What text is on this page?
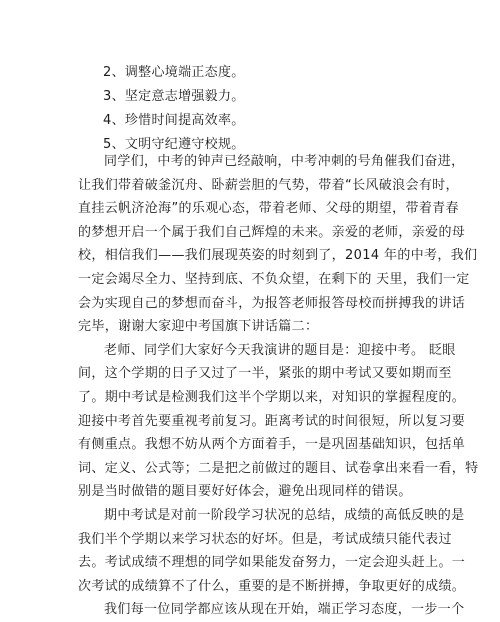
2、调整心境端正态度。
3、坚定意志增强毅力。
4、珍惜时间提高效率。
5、文明守纪遵守校规。
同学们，中考的钟声已经敲响，中考冲刺的号角催我们奋进，
让我们带着破釜沉舟、卧薪尝胆的气势，带着“长风破浪会有时，
直挂云帆济沧海”的乐观心态，带着老师、父母的期望，带着青春
的梦想开启一个属于我们自己辉煌的未来。亲爱的老师，亲爱的母
校，相信我们——我们展现英姿的时刻到了，2014 年的中考，我们
一定会竭尽全力、坚持到底、不负众望，在剩下的 天里，我们一定
会为实现自己的梦想而奋斗，为报答老师报答母校而拼搏我的讲话
完毕，谢谢大家迎中考国旗下讲话篇二：
老师、同学们大家好今天我演讲的题目是：迎接中考。 眨眼
间，这个学期的日子又过了一半，紧张的期中考试又要如期而至
了。期中考试是检测我们这半个学期以来，对知识的掌握程度的。
迎接中考首先要重视考前复习。距离考试的时间很短，所以复习要
有侧重点。我想不妨从两个方面着手，一是巩固基础知识，包括单
词、定义、公式等；二是把之前做过的题目、试卷拿出来看一看，特
别是当时做错的题目要好好体会，避免出现同样的错误。
期中考试是对前一阶段学习状况的总结，成绩的高低反映的是
我们半个学期以来学习状态的好坏。但是，考试成绩只能代表过
去。考试成绩不理想的同学如果能发奋努力，一定会迎头赶上。一
次考试的成绩算不了什么，重要的是不断拼搏，争取更好的成绩。
我们每一位同学都应该从现在开始，端正学习态度，一步一个
